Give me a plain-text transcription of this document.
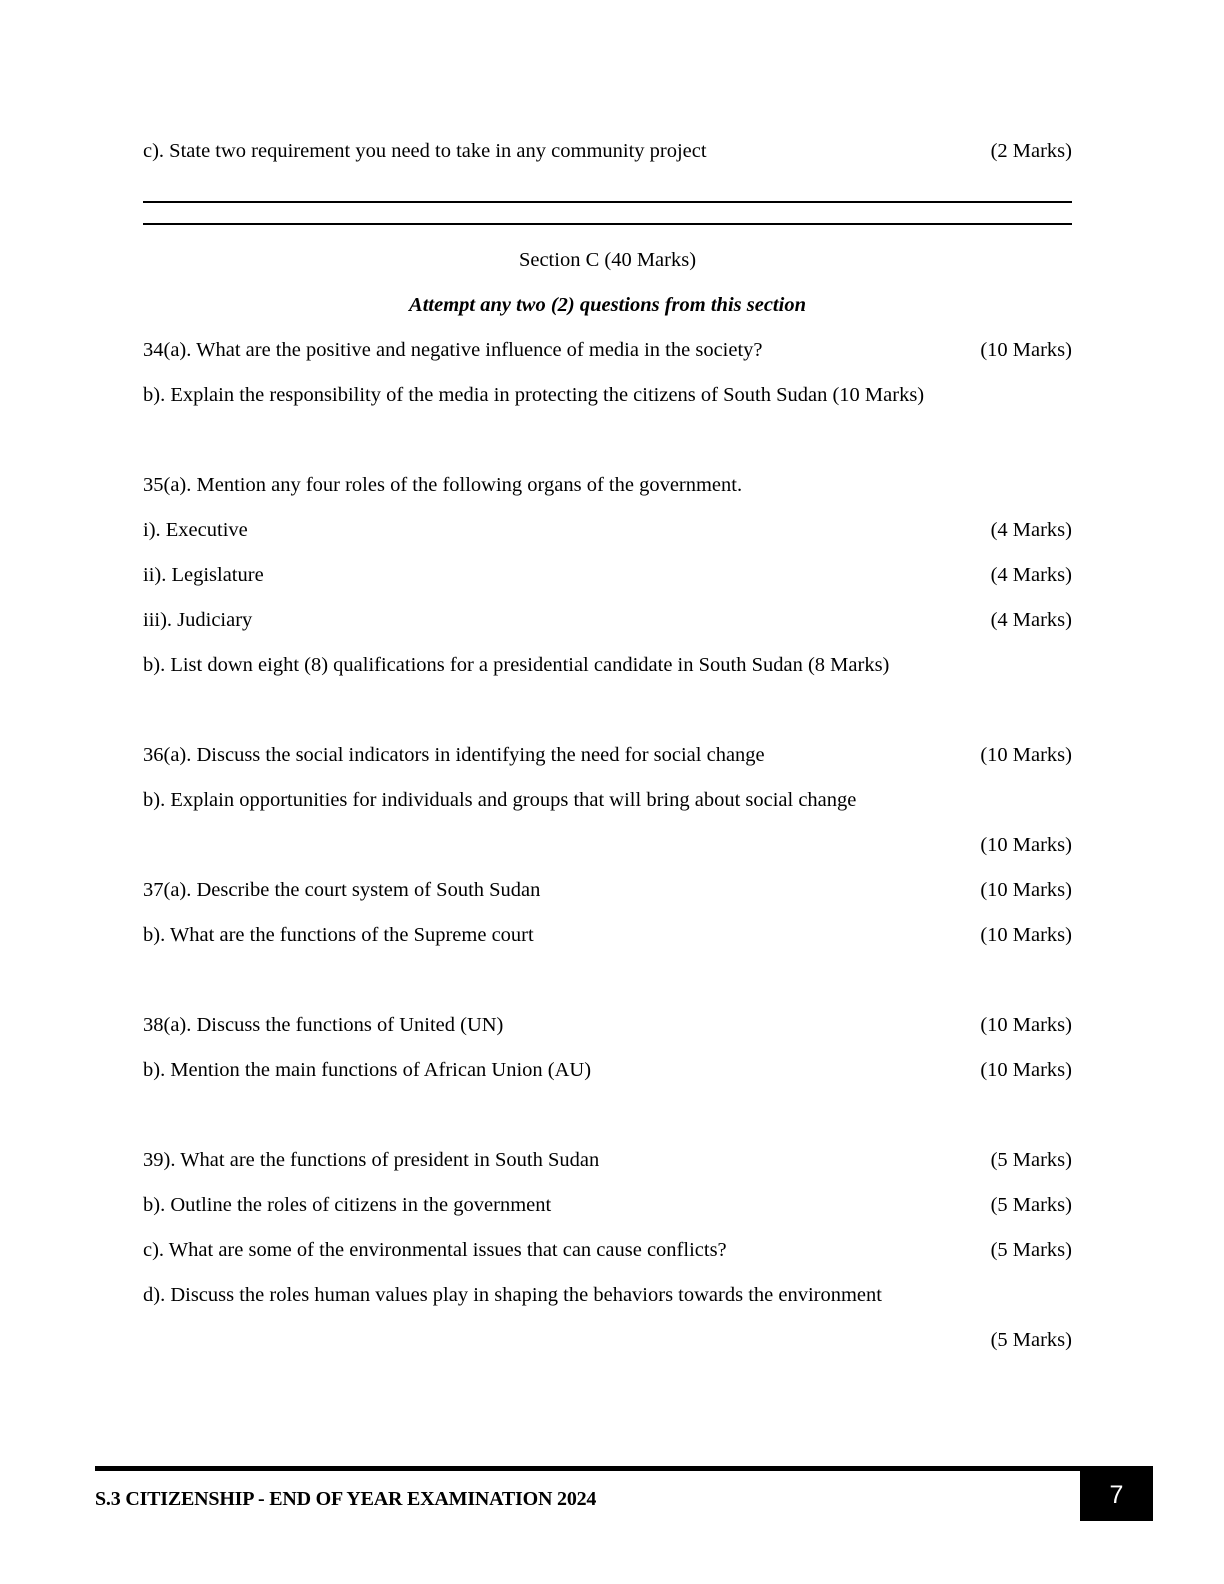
c). State two requirement you need to take in any community project	(2 Marks)
Section C (40 Marks)
Attempt any two (2) questions from this section
34(a). What are the positive and negative influence of media in the society?	(10 Marks)
b). Explain the responsibility of the media in protecting the citizens of South Sudan (10 Marks)
35(a). Mention any four roles of the following organs of the government.
i). Executive	(4 Marks)
ii). Legislature	(4 Marks)
iii). Judiciary	(4 Marks)
b). List down eight (8) qualifications for a presidential candidate in South Sudan (8 Marks)
36(a). Discuss the social indicators in identifying the need for social change	(10 Marks)
b). Explain opportunities for individuals and groups that will bring about social change
(10 Marks)
37(a). Describe the court system of South Sudan	(10 Marks)
b). What are the functions of the Supreme court	(10 Marks)
38(a). Discuss the functions of United (UN)	(10 Marks)
b). Mention the main functions of African Union (AU)	(10 Marks)
39). What are the functions of president in South Sudan	(5 Marks)
b). Outline the roles of citizens in the government	(5 Marks)
c). What are some of the environmental issues that can cause conflicts?	(5 Marks)
d). Discuss the roles human values play in shaping the behaviors towards the environment
(5 Marks)
S.3 CITIZENSHIP - END OF YEAR EXAMINATION 2024	7
